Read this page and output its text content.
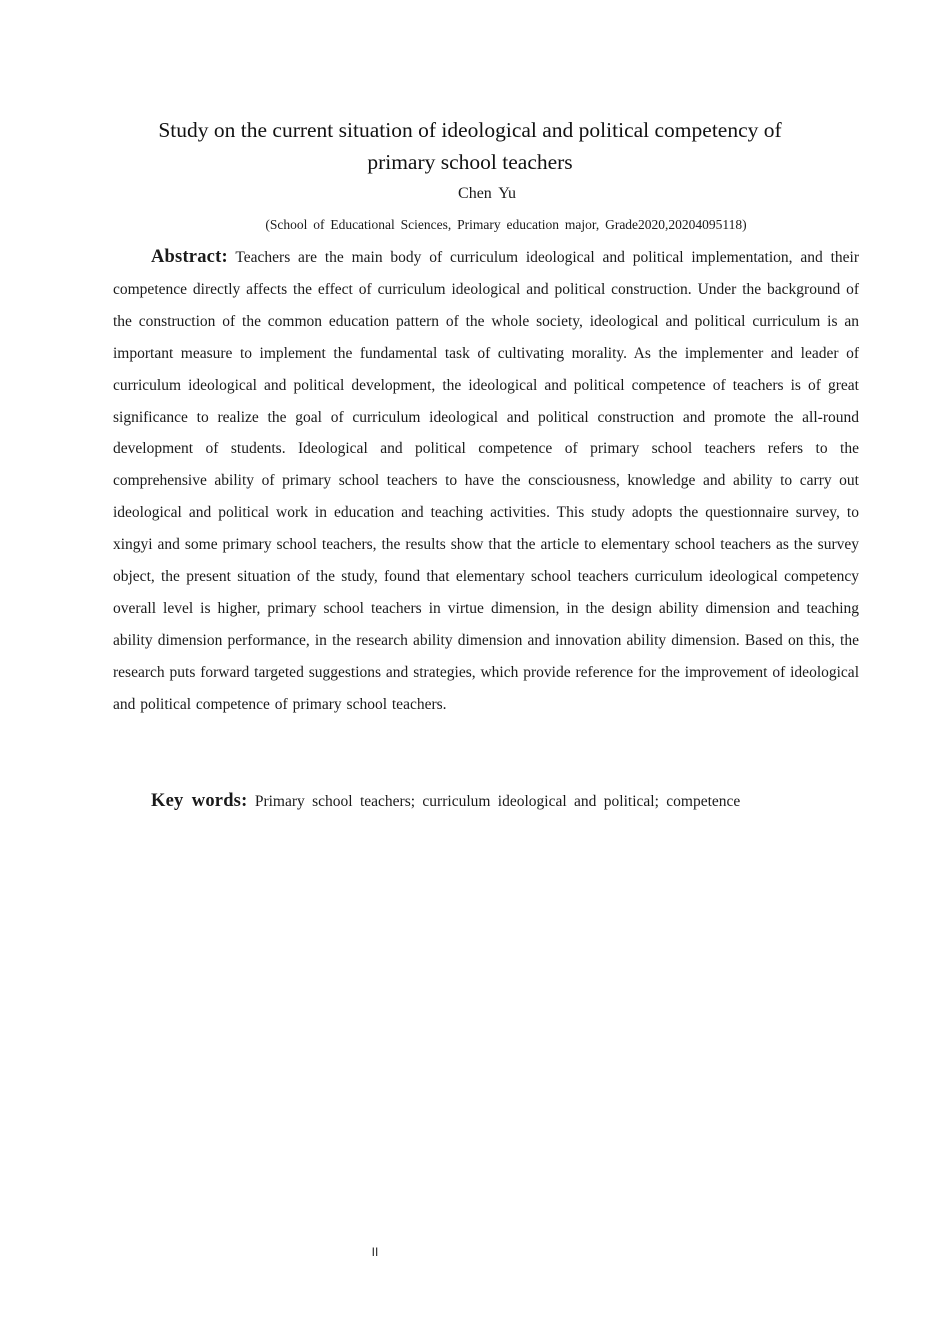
Study on the current situation of ideological and political competency of
primary school teachers
Chen Yu
(School of Educational Sciences, Primary education major, Grade2020,20204095118)

Abstract: Teachers are the main body of curriculum ideological and political implementation, and their competence directly affects the effect of curriculum ideological and political construction. Under the background of the construction of the common education pattern of the whole society, ideological and political curriculum is an important measure to implement the fundamental task of cultivating morality. As the implementer and leader of curriculum ideological and political development, the ideological and political competence of teachers is of great significance to realize the goal of curriculum ideological and political construction and promote the all-round development of students. Ideological and political competence of primary school teachers refers to the comprehensive ability of primary school teachers to have the consciousness, knowledge and ability to carry out ideological and political work in education and teaching activities. This study adopts the questionnaire survey, to xingyi and some primary school teachers, the results show that the article to elementary school teachers as the survey object, the present situation of the study, found that elementary school teachers curriculum ideological competency overall level is higher, primary school teachers in virtue dimension, in the design ability dimension and teaching ability dimension performance, in the research ability dimension and innovation ability dimension. Based on this, the research puts forward targeted suggestions and strategies, which provide reference for the improvement of ideological and political competence of primary school teachers.

Key words: Primary school teachers; curriculum ideological and political; competence

II
